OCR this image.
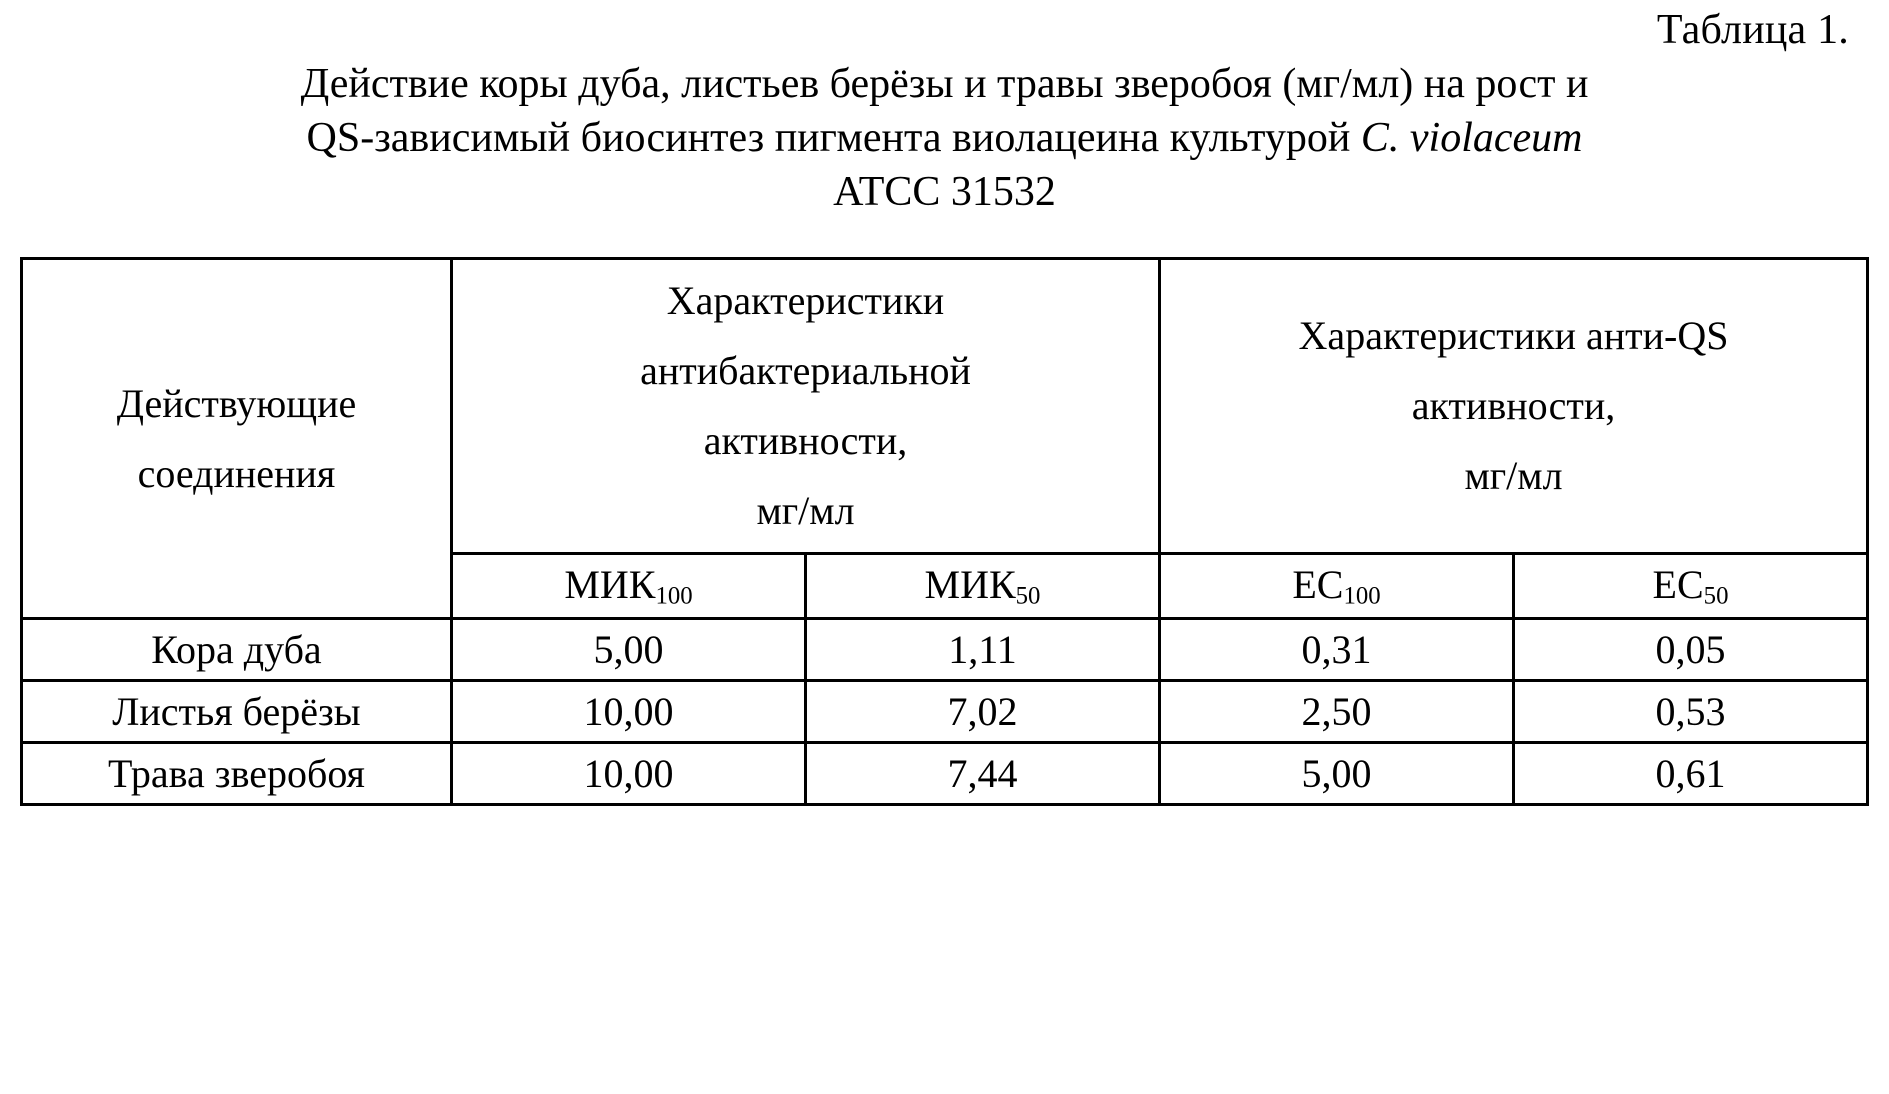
Таблица 1.
Действие коры дуба, листьев берёзы и травы зверобоя (мг/мл) на рост и
QS-зависимый биосинтез пигмента виолацеина культурой C. violaceum
ATCC 31532
Действующие
соединения

Характеристики
антибактериальной
активности,
мг/мл

Характеристики анти-QS
активности,
мг/мл

	$МИК_{100}$	$МИК_{50}$	$ЕС_{100}$	$ЕС_{50}$
Кора дуба	5,00	1,11	0,31	0,05
Листья берёзы	10,00	7,02	2,50	0,53
Трава зверобоя	10,00	7,44	5,00	0,61
